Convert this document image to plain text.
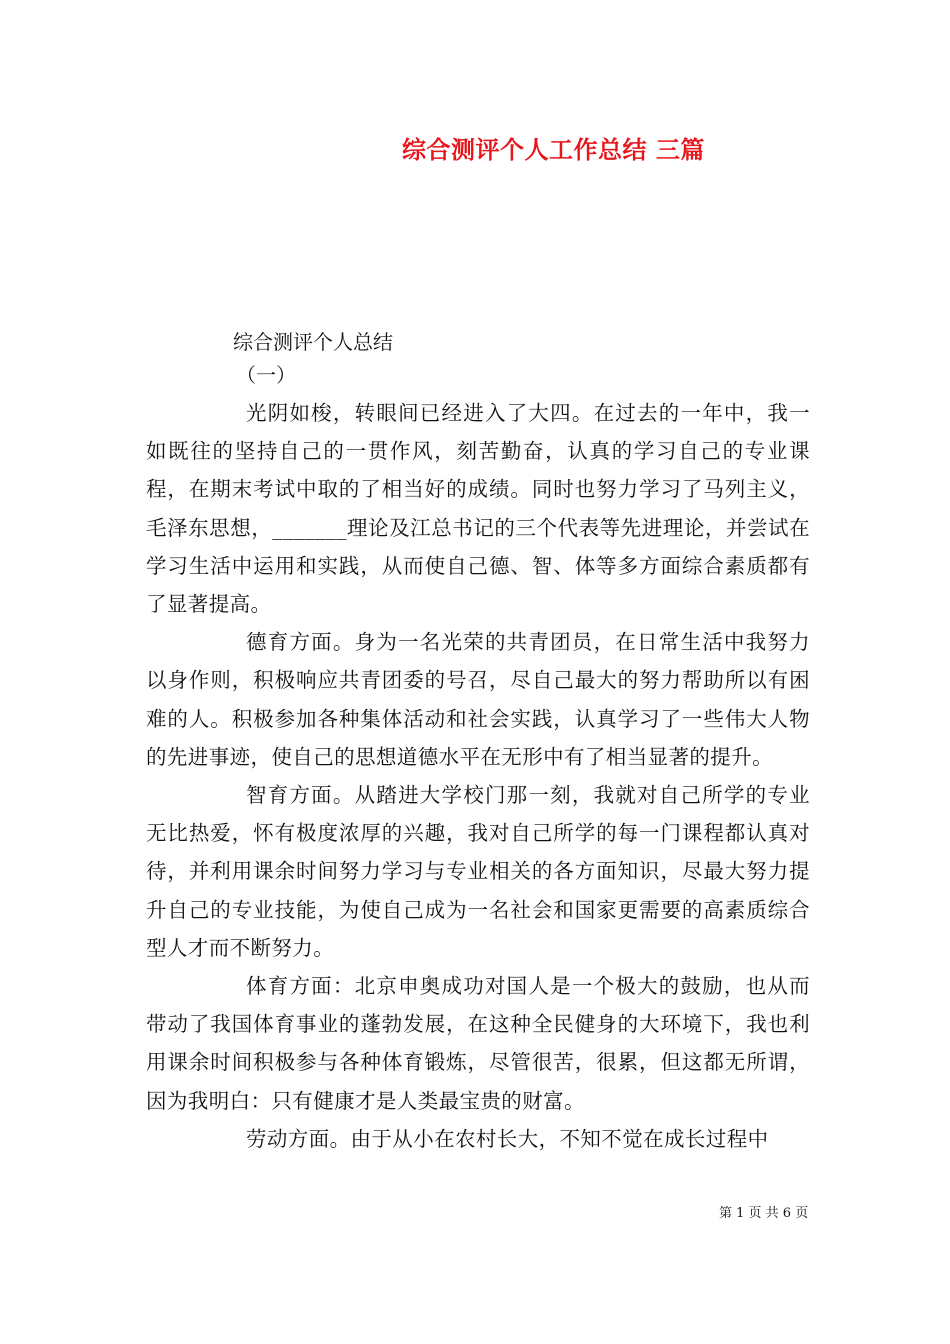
综合测评个人工作总结 三篇
综合测评个人总结
（一）

光阴如梭，转眼间已经进入了大四。在过去的一年中，我一如既往的坚持自己的一贯作风，刻苦勤奋，认真的学习自己的专业课程，在期末考试中取的了相当好的成绩。同时也努力学习了马列主义，毛泽东思想，_______理论及江总书记的三个代表等先进理论，并尝试在学习生活中运用和实践，从而使自己德、智、体等多方面综合素质都有了显著提高。

德育方面。身为一名光荣的共青团员，在日常生活中我努力以身作则，积极响应共青团委的号召，尽自己最大的努力帮助所以有困难的人。积极参加各种集体活动和社会实践，认真学习了一些伟大人物的先进事迹，使自己的思想道德水平在无形中有了相当显著的提升。

智育方面。从踏进大学校门那一刻，我就对自己所学的专业无比热爱，怀有极度浓厚的兴趣，我对自己所学的每一门课程都认真对待，并利用课余时间努力学习与专业相关的各方面知识，尽最大努力提升自己的专业技能，为使自己成为一名社会和国家更需要的高素质综合型人才而不断努力。

体育方面：北京申奥成功对国人是一个极大的鼓励，也从而带动了我国体育事业的蓬勃发展，在这种全民健身的大环境下，我也利用课余时间积极参与各种体育锻炼，尽管很苦，很累，但这都无所谓，因为我明白：只有健康才是人类最宝贵的财富。

劳动方面。由于从小在农村长大，不知不觉在成长过程中

第 1 页 共 6 页
